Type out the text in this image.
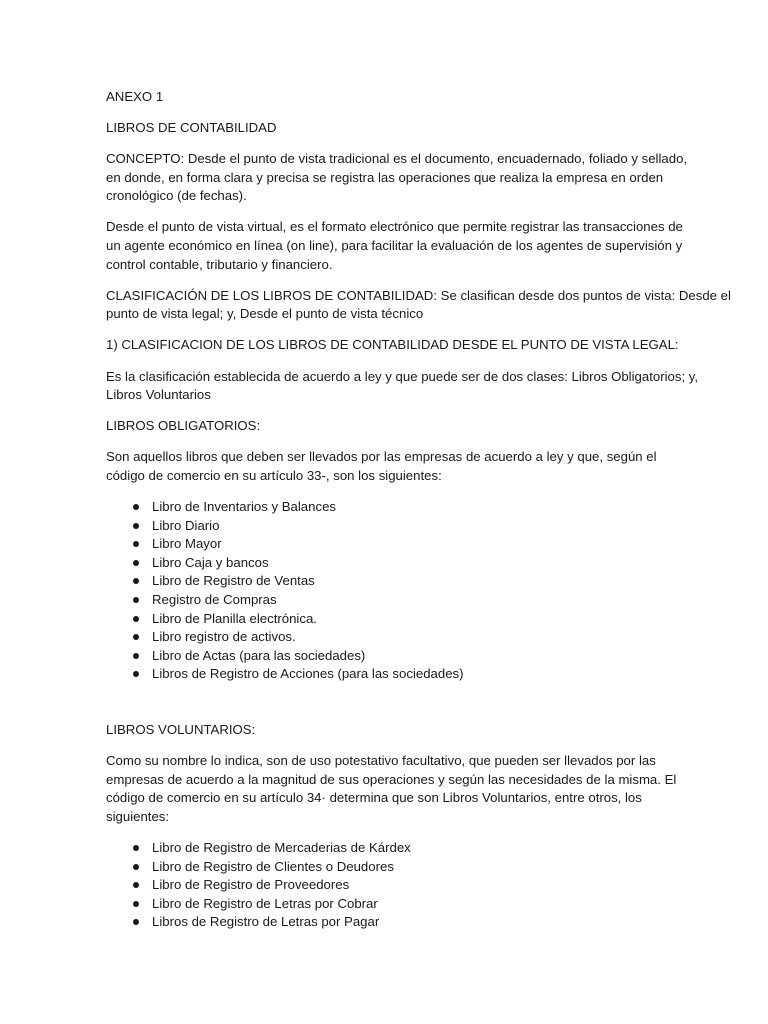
ANEXO 1

LIBROS DE CONTABILIDAD

CONCEPTO: Desde el punto de vista tradicional es el documento, encuadernado, foliado y sellado,
en donde, en forma clara y precisa se registra las operaciones que realiza la empresa en orden
cronológico (de fechas).
Desde el punto de vista virtual, es el formato electrónico que permite registrar las transacciones de
un agente económico en línea (on line), para facilitar la evaluación de los agentes de supervisión y
control contable, tributario y financiero.
CLASIFICACIÓN DE LOS LIBROS DE CONTABILIDAD: Se clasifican desde dos puntos de vista: Desde el
punto de vista legal; y, Desde el punto de vista técnico

1) CLASIFICACION DE LOS LIBROS DE CONTABILIDAD DESDE EL PUNTO DE VISTA LEGAL:

Es la clasificación establecida de acuerdo a ley y que puede ser de dos clases: Libros Obligatorios; y,
Libros Voluntarios

LIBROS OBLIGATORIOS:

Son aquellos libros que deben ser llevados por las empresas de acuerdo a ley y que, según el
código de comercio en su artículo 33-, son los siguientes:
Libro de Inventarios y Balances
Libro Diario
Libro Mayor
Libro Caja y bancos
Libro de Registro de Ventas
Registro de Compras
Libro de Planilla electrónica.
Libro registro de activos.
Libro de Actas (para las sociedades)
Libros de Registro de Acciones (para las sociedades)

LIBROS VOLUNTARIOS:

Como su nombre lo indica, son de uso potestativo facultativo, que pueden ser llevados por las
empresas de acuerdo a la magnitud de sus operaciones y según las necesidades de la misma. El
código de comercio en su artículo 34· determina que son Libros Voluntarios, entre otros, los
siguientes:
Libro de Registro de Mercaderias de Kárdex
Libro de Registro de Clientes o Deudores
Libro de Registro de Proveedores
Libro de Registro de Letras por Cobrar
Libros de Registro de Letras por Pagar
